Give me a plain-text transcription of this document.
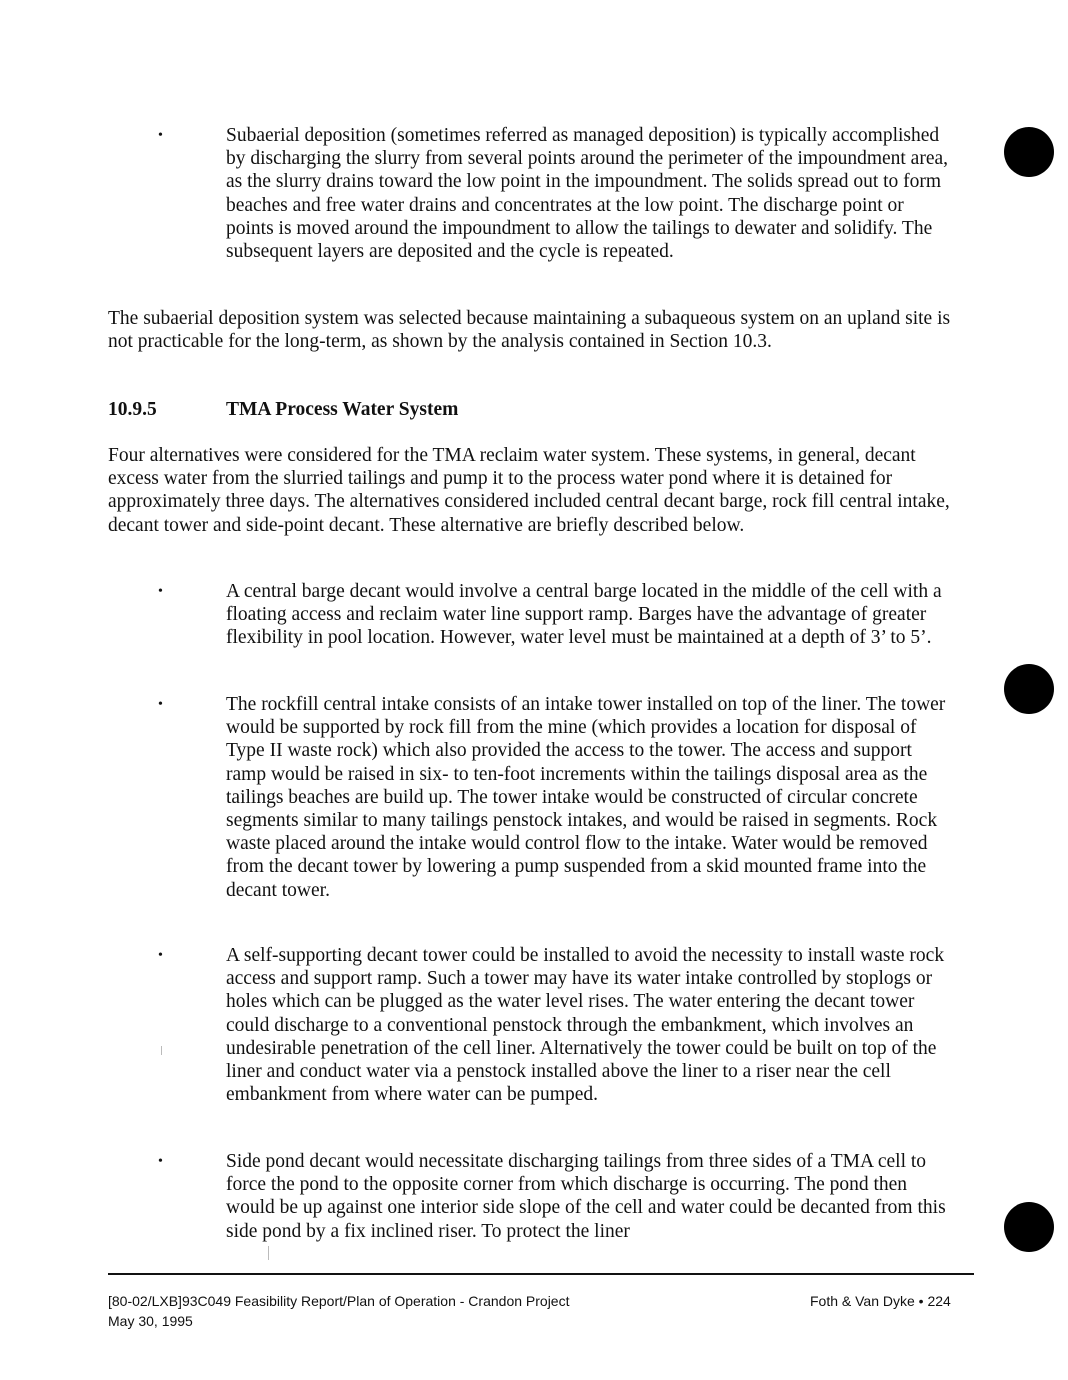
•	Subaerial deposition (sometimes referred as managed deposition) is typically accomplished by discharging the slurry from several points around the perimeter of the impoundment area, as the slurry drains toward the low point in the impoundment. The solids spread out to form beaches and free water drains and concentrates at the low point. The discharge point or points is moved around the impoundment to allow the tailings to dewater and solidify. The subsequent layers are deposited and the cycle is repeated.
The subaerial deposition system was selected because maintaining a subaqueous system on an upland site is not practicable for the long-term, as shown by the analysis contained in Section 10.3.
10.9.5	TMA Process Water System
Four alternatives were considered for the TMA reclaim water system. These systems, in general, decant excess water from the slurried tailings and pump it to the process water pond where it is detained for approximately three days. The alternatives considered included central decant barge, rock fill central intake, decant tower and side-point decant. These alternative are briefly described below.
•	A central barge decant would involve a central barge located in the middle of the cell with a floating access and reclaim water line support ramp. Barges have the advantage of greater flexibility in pool location. However, water level must be maintained at a depth of 3’ to 5’.
•	The rockfill central intake consists of an intake tower installed on top of the liner. The tower would be supported by rock fill from the mine (which provides a location for disposal of Type II waste rock) which also provided the access to the tower. The access and support ramp would be raised in six- to ten-foot increments within the tailings disposal area as the tailings beaches are build up. The tower intake would be constructed of circular concrete segments similar to many tailings penstock intakes, and would be raised in segments. Rock waste placed around the intake would control flow to the intake. Water would be removed from the decant tower by lowering a pump suspended from a skid mounted frame into the decant tower.
•	A self-supporting decant tower could be installed to avoid the necessity to install waste rock access and support ramp. Such a tower may have its water intake controlled by stoplogs or holes which can be plugged as the water level rises. The water entering the decant tower could discharge to a conventional penstock through the embankment, which involves an undesirable penetration of the cell liner. Alternatively the tower could be built on top of the liner and conduct water via a penstock installed above the liner to a riser near the cell embankment from where water can be pumped.
•	Side pond decant would necessitate discharging tailings from three sides of a TMA cell to force the pond to the opposite corner from which discharge is occurring. The pond then would be up against one interior side slope of the cell and water could be decanted from this side pond by a fix inclined riser. To protect the liner
[80-02/LXB]93C049 Feasibility Report/Plan of Operation - Crandon Project
May 30, 1995
Foth & Van Dyke • 224
